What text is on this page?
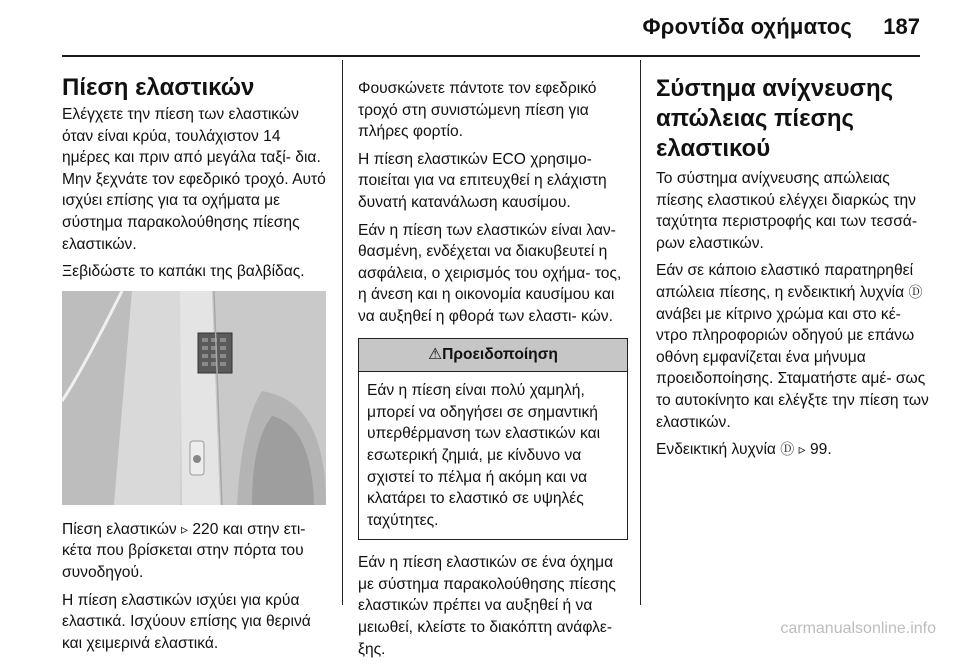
Φροντίδα οχήματος 187
Πίεση ελαστικών

Ελέγχετε την πίεση των ελαστικών όταν είναι κρύα, τουλάχιστον 14 ημέρες και πριν από μεγάλα ταξί- δια. Μην ξεχνάτε τον εφεδρικό τροχό. Αυτό ισχύει επίσης για τα οχήματα με σύστημα παρακολούθησης πίεσης ελαστικών.

Ξεβιδώστε το καπάκι της βαλβίδας.

Πίεση ελαστικών ▹ 220 και στην ετι- κέτα που βρίσκεται στην πόρτα του συνοδηγού.

Η πίεση ελαστικών ισχύει για κρύα ελαστικά. Ισχύουν επίσης για θερινά και χειμερινά ελαστικά.

Φουσκώνετε πάντοτε τον εφεδρικό τροχό στη συνιστώμενη πίεση για πλήρες φορτίο.

Η πίεση ελαστικών ECO χρησιμο- ποιείται για να επιτευχθεί η ελάχιστη δυνατή κατανάλωση καυσίμου.

Εάν η πίεση των ελαστικών είναι λαν- θασμένη, ενδέχεται να διακυβευτεί η ασφάλεια, ο χειρισμός του οχήμα- τος, η άνεση και η οικονομία καυσίμου και να αυξηθεί η φθορά των ελαστι- κών.

⚠Προειδοποίηση

Εάν η πίεση είναι πολύ χαμηλή, μπορεί να οδηγήσει σε σημαντική υπερθέρμανση των ελαστικών και εσωτερική ζημιά, με κίνδυνο να σχιστεί το πέλμα ή ακόμη και να κλατάρει το ελαστικό σε υψηλές ταχύτητες.

Εάν η πίεση ελαστικών σε ένα όχημα με σύστημα παρακολούθησης πίεσης ελαστικών πρέπει να αυξηθεί ή να μειωθεί, κλείστε το διακόπτη ανάφλε- ξης.

Σύστημα ανίχνευσης απώλειας πίεσης ελαστικού

Το σύστημα ανίχνευσης απώλειας πίεσης ελαστικού ελέγχει διαρκώς την ταχύτητα περιστροφής και των τεσσά- ρων ελαστικών.

Εάν σε κάποιο ελαστικό παρατηρηθεί απώλεια πίεσης, η ενδεικτική λυχνία Ⓓ ανάβει με κίτρινο χρώμα και στο κέ- ντρο πληροφοριών οδηγού με επάνω οθόνη εμφανίζεται ένα μήνυμα προειδοποίησης. Σταματήστε αμέ- σως το αυτοκίνητο και ελέγξτε την πίεση των ελαστικών.

Ενδεικτική λυχνία Ⓓ ▹ 99.

carmanualsonline.info
